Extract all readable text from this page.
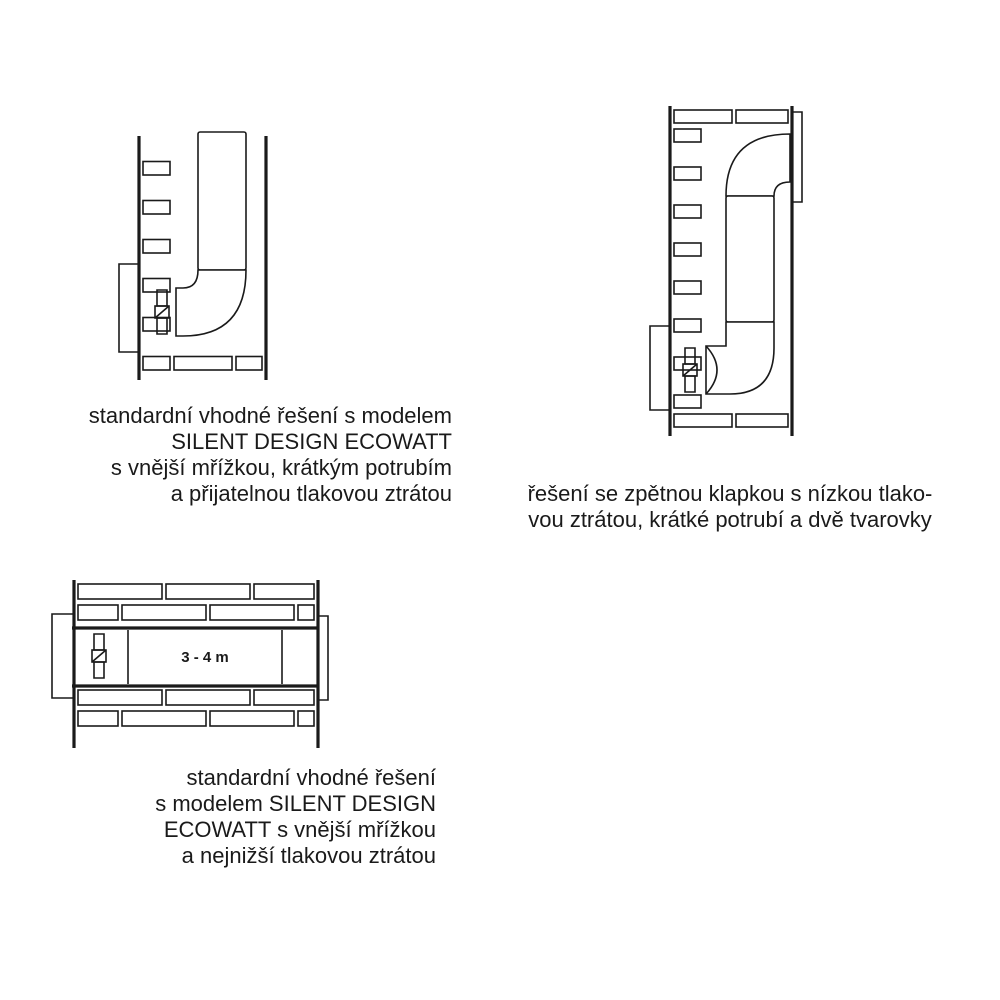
3 - 4 m

standardní vhodné řešení s modelem
SILENT DESIGN ECOWATT
s vnější mřížkou, krátkým potrubím
a přijatelnou tlakovou ztrátou	řešení se zpětnou klapkou s nízkou tlako-
vou ztrátou, krátké potrubí a dvě tvarovky

standardní vhodné řešení
s modelem SILENT DESIGN
ECOWATT s vnější mřížkou
a nejnižší tlakovou ztrátou
